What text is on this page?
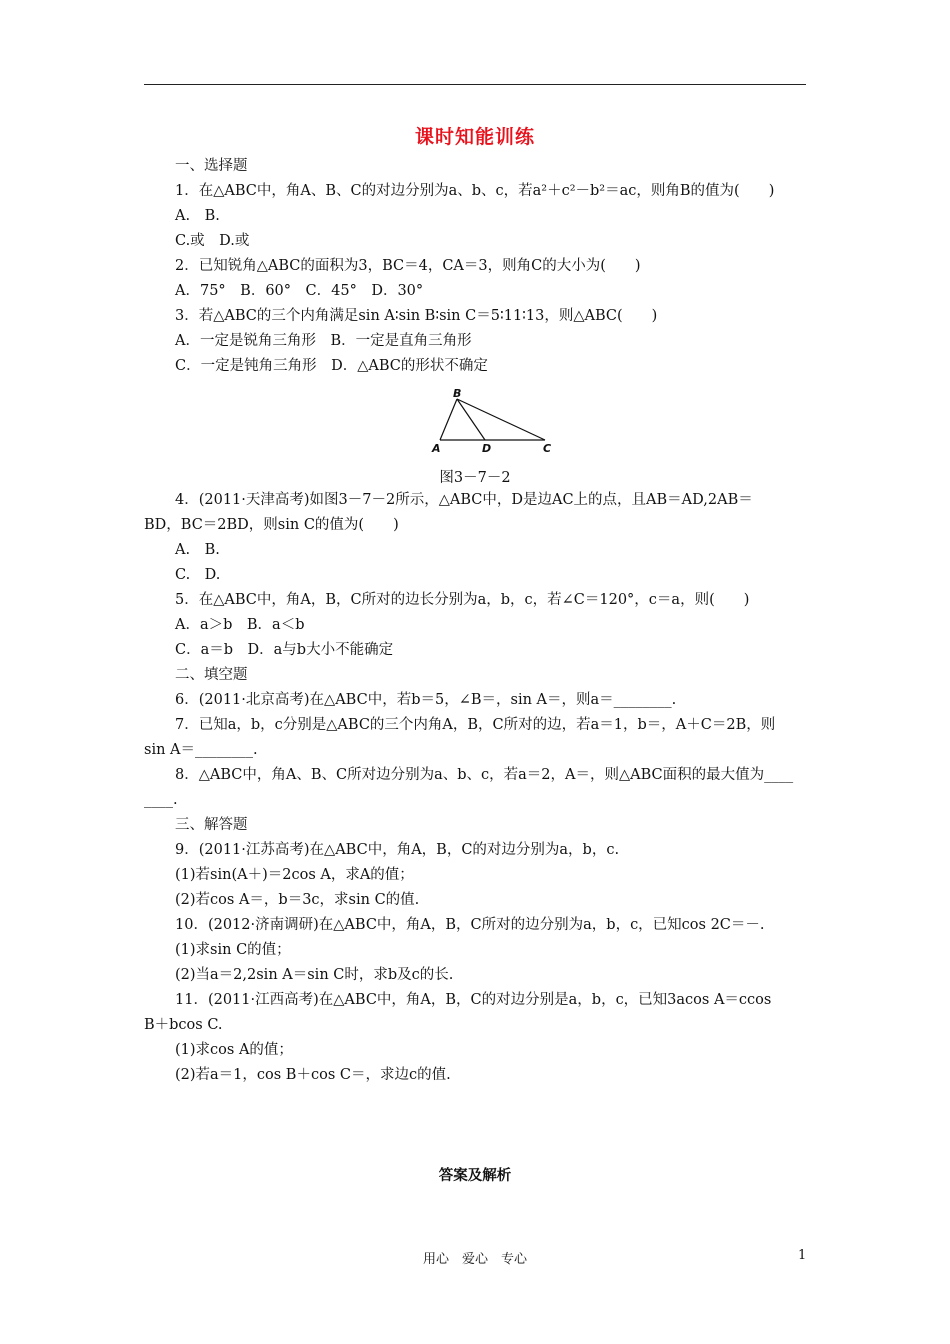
课时知能训练
一、选择题
1．在△ABC中，角A、B、C的对边分别为a、b、c，若a²＋c²－b²＝ac，则角B的值为(　　)
A.　B.
C.或　D.或
2．已知锐角△ABC的面积为3，BC＝4，CA＝3，则角C的大小为(　　)
A．75°　B．60°　C．45°　D．30°
3．若△ABC的三个内角满足sin A∶sin B∶sin C＝5∶11∶13，则△ABC(　　)
A．一定是锐角三角形　B．一定是直角三角形
C．一定是钝角三角形　D．△ABC的形状不确定
B
A	D	C
图3－7－2
4．(2011·天津高考)如图3－7－2所示，△ABC中，D是边AC上的点，且AB＝AD,2AB＝
BD，BC＝2BD，则sin C的值为(　　)
A.　B.
C.　D.
5．在△ABC中，角A，B，C所对的边长分别为a，b，c，若∠C＝120°，c＝a，则(　　)
A．a＞b　B．a＜b
C．a＝b　D．a与b大小不能确定
二、填空题
6．(2011·北京高考)在△ABC中，若b＝5，∠B＝，sin A＝，则a＝________.
7．已知a，b，c分别是△ABC的三个内角A，B，C所对的边，若a＝1，b＝，A＋C＝2B，则
sin A＝________.
8．△ABC中，角A、B、C所对边分别为a、b、c，若a＝2，A＝，则△ABC面积的最大值为____
____.
三、解答题
9．(2011·江苏高考)在△ABC中，角A，B，C的对边分别为a，b，c.
(1)若sin(A＋)＝2cos A，求A的值；
(2)若cos A＝，b＝3c，求sin C的值.
10．(2012·济南调研)在△ABC中，角A，B，C所对的边分别为a，b，c，已知cos 2C＝－.
(1)求sin C的值；
(2)当a＝2,2sin A＝sin C时，求b及c的长.
11．(2011·江西高考)在△ABC中，角A，B，C的对边分别是a，b，c，已知3acos A＝ccos
B＋bcos C.
(1)求cos A的值；
(2)若a＝1，cos B＋cos C＝，求边c的值.
答案及解析
用心　爱心　专心	1
